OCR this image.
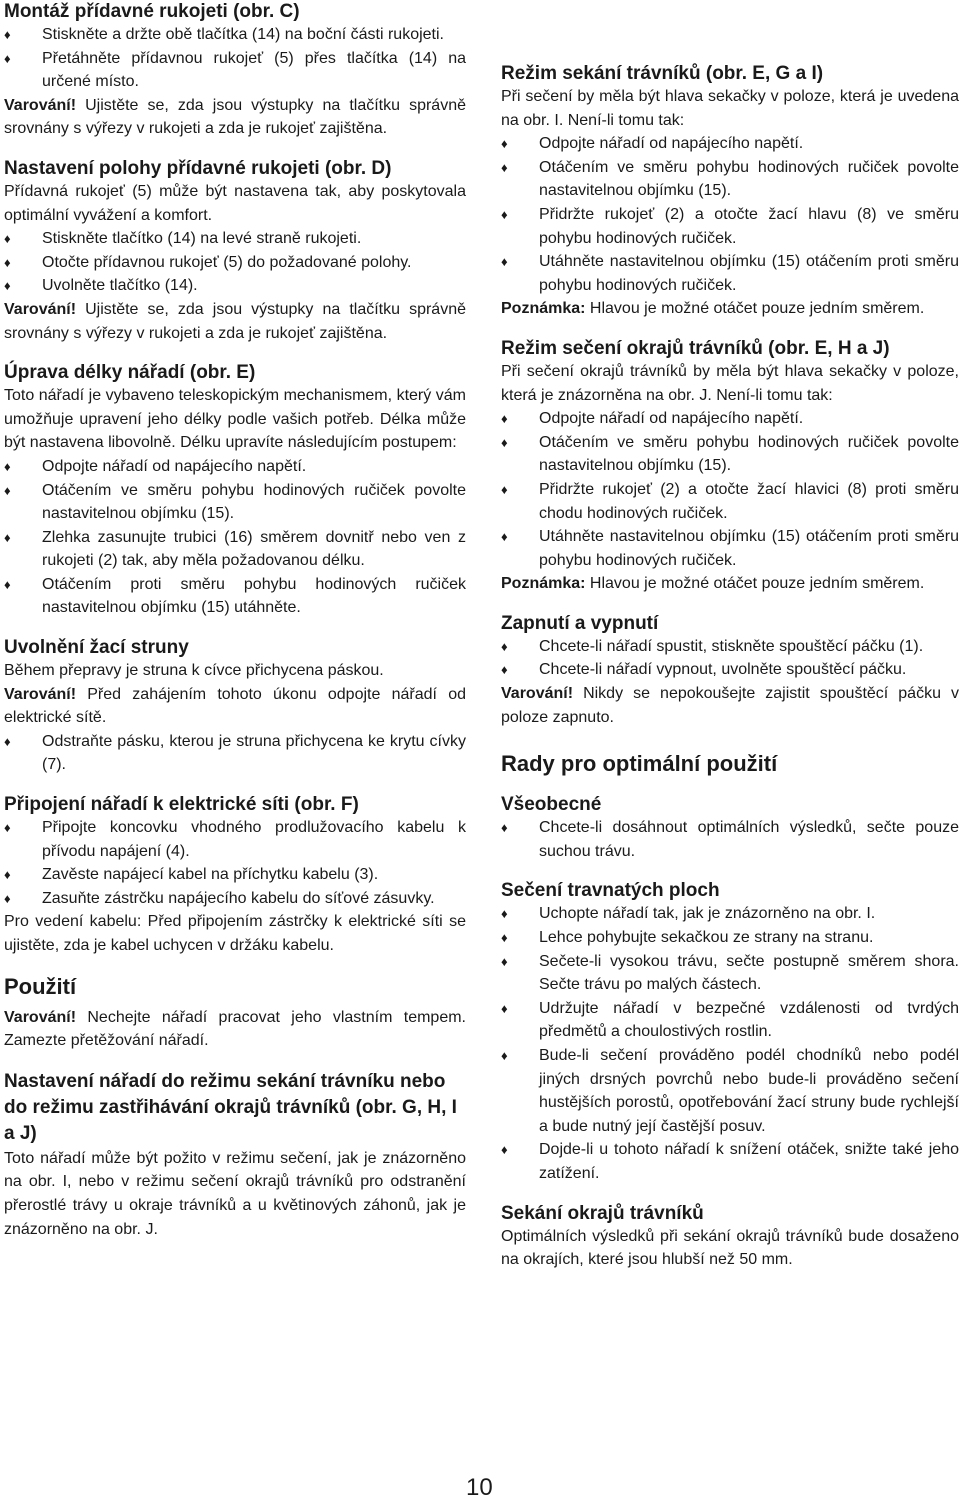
Montáž přídavné rukojeti (obr. C)
♦ Stiskněte a držte obě tlačítka (14) na boční části rukojeti.
♦ Přetáhněte přídavnou rukojeť (5) přes tlačítka (14) na určené místo.

Varování! Ujistěte se, zda jsou výstupky na tlačítku správně srovnány s výřezy v rukojeti a zda je rukojeť zajištěna.

Nastavení polohy přídavné rukojeti (obr. D)

Přídavná rukojeť (5) může být nastavena tak, aby poskytovala optimální vyvážení a komfort.

♦ Stiskněte tlačítko (14) na levé straně rukojeti.
♦ Otočte přídavnou rukojeť (5) do požadované polohy.
♦ Uvolněte tlačítko (14).

Varování! Ujistěte se, zda jsou výstupky na tlačítku správně srovnány s výřezy v rukojeti a zda je rukojeť zajištěna.

Úprava délky nářadí (obr. E)

Toto nářadí je vybaveno teleskopickým mechanismem, který vám umožňuje upravení jeho délky podle vašich potřeb. Délka může být nastavena libovolně. Délku upravíte následujícím postupem:

♦ Odpojte nářadí od napájecího napětí.
♦ Otáčením ve směru pohybu hodinových ručiček povolte nastavitelnou objímku (15).
♦ Zlehka zasunujte trubici (16) směrem dovnitř nebo ven z rukojeti (2) tak, aby měla požadovanou délku.
♦ Otáčením proti směru pohybu hodinových ručiček nastavitelnou objímku (15) utáhněte.
Uvolnění žací struny

Během přepravy je struna k cívce přichycena páskou.

Varování! Před zahájením tohoto úkonu odpojte nářadí od elektrické sítě.

♦ Odstraňte pásku, kterou je struna přichycena ke krytu cívky (7).
Připojení nářadí k elektrické síti (obr. F)
♦ Připojte koncovku vhodného prodlužovacího kabelu k přívodu napájení (4).
♦ Zavěste napájecí kabel na příchytku kabelu (3).
♦ Zasuňte zástrčku napájecího kabelu do síťové zásuvky.

Pro vedení kabelu: Před připojením zástrčky k elektrické síti se ujistěte, zda je kabel uchycen v držáku kabelu.

Použití

Varování! Nechejte nářadí pracovat jeho vlastním tempem. Zamezte přetěžování nářadí.

Nastavení nářadí do režimu sekání trávníku nebo do režimu zastřihávání okrajů trávníků (obr. G, H, I a J)

Toto nářadí může být požito v režimu sečení, jak je znázorněno na obr. I, nebo v režimu sečení okrajů trávníků pro odstranění přerostlé trávy u okraje trávníků a u květinových záhonů, jak je znázorněno na obr. J.

Režim sekání trávníků (obr. E, G a I)

Při sečení by měla být hlava sekačky v poloze, která je uvedena na obr. I. Není-li tomu tak:

♦ Odpojte nářadí od napájecího napětí.
♦ Otáčením ve směru pohybu hodinových ručiček povolte nastavitelnou objímku (15).
♦ Přidržte rukojeť (2) a otočte žací hlavu (8) ve směru pohybu hodinových ručiček.
♦ Utáhněte nastavitelnou objímku (15) otáčením proti směru pohybu hodinových ručiček.

Poznámka: Hlavou je možné otáčet pouze jedním směrem.

Režim sečení okrajů trávníků (obr. E, H a J)

Při sečení okrajů trávníků by měla být hlava sekačky v poloze, která je znázorněna na obr. J. Není-li tomu tak:

♦ Odpojte nářadí od napájecího napětí.
♦ Otáčením ve směru pohybu hodinových ručiček povolte nastavitelnou objímku (15).
♦ Přidržte rukojeť (2) a otočte žací hlavici (8) proti směru chodu hodinových ručiček.
♦ Utáhněte nastavitelnou objímku (15) otáčením proti směru pohybu hodinových ručiček.

Poznámka: Hlavou je možné otáčet pouze jedním směrem.

Zapnutí a vypnutí
♦ Chcete-li nářadí spustit, stiskněte spouštěcí páčku (1).
♦ Chcete-li nářadí vypnout, uvolněte spouštěcí páčku.

Varování! Nikdy se nepokoušejte zajistit spouštěcí páčku v poloze zapnuto.

Rady pro optimální použití
Všeobecné
♦ Chcete-li dosáhnout optimálních výsledků, sečte pouze suchou trávu.
Sečení travnatých ploch
♦ Uchopte nářadí tak, jak je znázorněno na obr. I.
♦ Lehce pohybujte sekačkou ze strany na stranu.
♦ Sečete-li vysokou trávu, sečte postupně směrem shora. Sečte trávu po malých částech.
♦ Udržujte nářadí v bezpečné vzdálenosti od tvrdých předmětů a choulostivých rostlin.
♦ Bude-li sečení prováděno podél chodníků nebo podél jiných drsných povrchů nebo bude-li prováděno sečení hustějších porostů, opotřebování žací struny bude rychlejší a bude nutný její častější posuv.
♦ Dojde-li u tohoto nářadí k snížení otáček, snižte také jeho zatížení.
Sekání okrajů trávníků

Optimálních výsledků při sekání okrajů trávníků bude dosaženo na okrajích, které jsou hlubší než 50 mm.

10
